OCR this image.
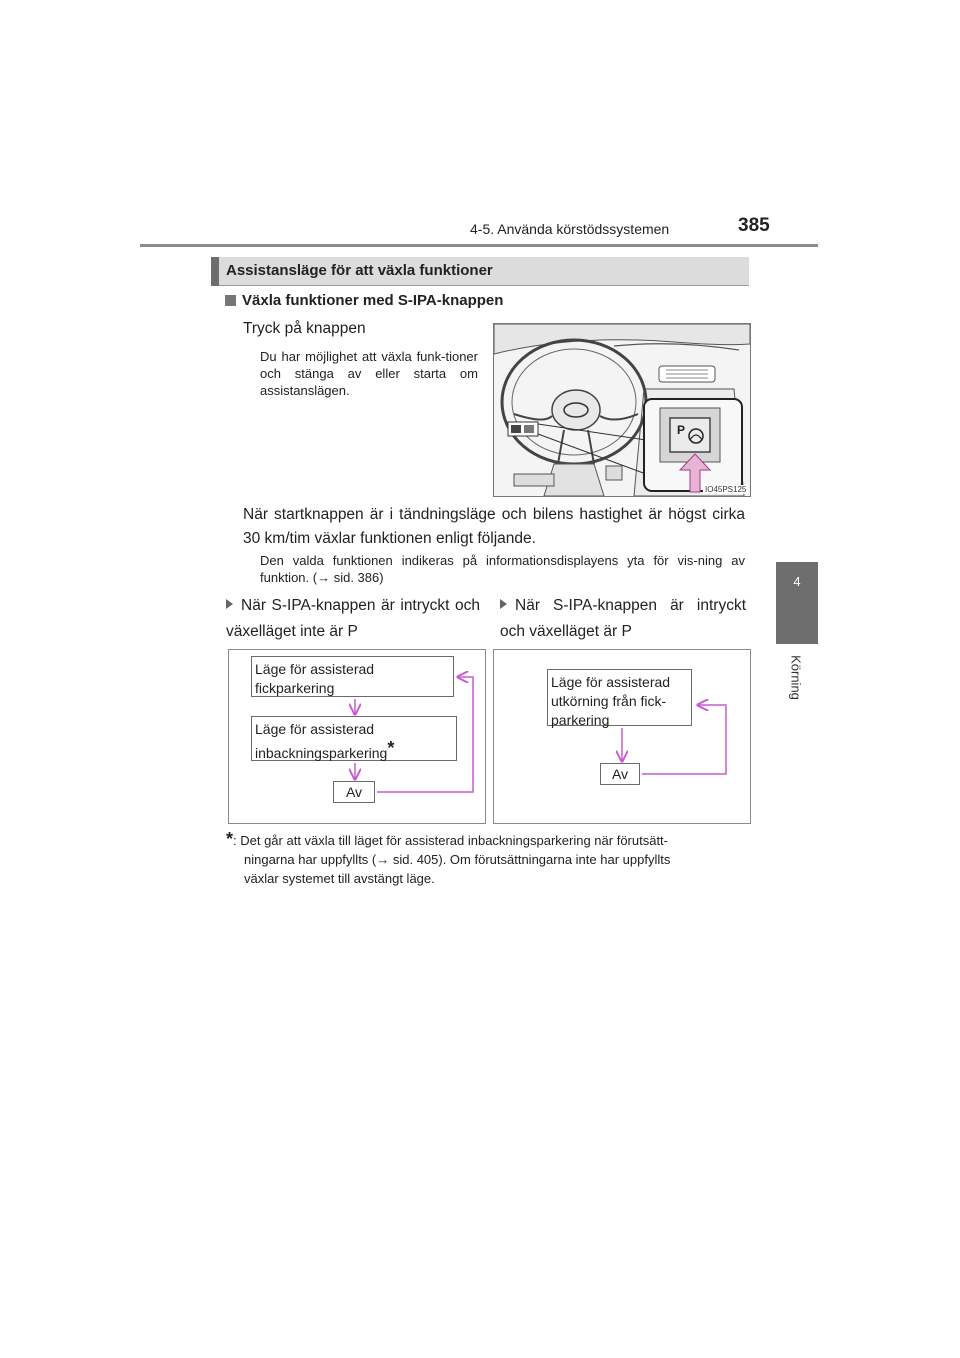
4-5. Använda körstödssystemen	385
4
Körning
Assistansläge för att växla funktioner
Växla funktioner med S-IPA-knappen
Tryck på knappen
Du har möjlighet att växla funk-tioner och stänga av eller starta om assistanslägen.
P
IO45PS125
När startknappen är i tändningsläge och bilens hastighet är högst cirka 30 km/tim växlar funktionen enligt följande.
Den valda funktionen indikeras på informationsdisplayens yta för vis-ning av funktion. (→ sid. 386)
När S-IPA-knappen är intryckt och växelläget inte är P
När S-IPA-knappen är intryckt och växelläget är P
Läge för assisterad fickparkering
Läge för assisterad inbackningsparkering*
Av
Läge för assisterad utkörning från fick-parkering
Av
*: Det går att växla till läget för assisterad inbackningsparkering när förutsätt-
ningarna har uppfyllts (→ sid. 405). Om förutsättningarna inte har uppfyllts
växlar systemet till avstängt läge.
